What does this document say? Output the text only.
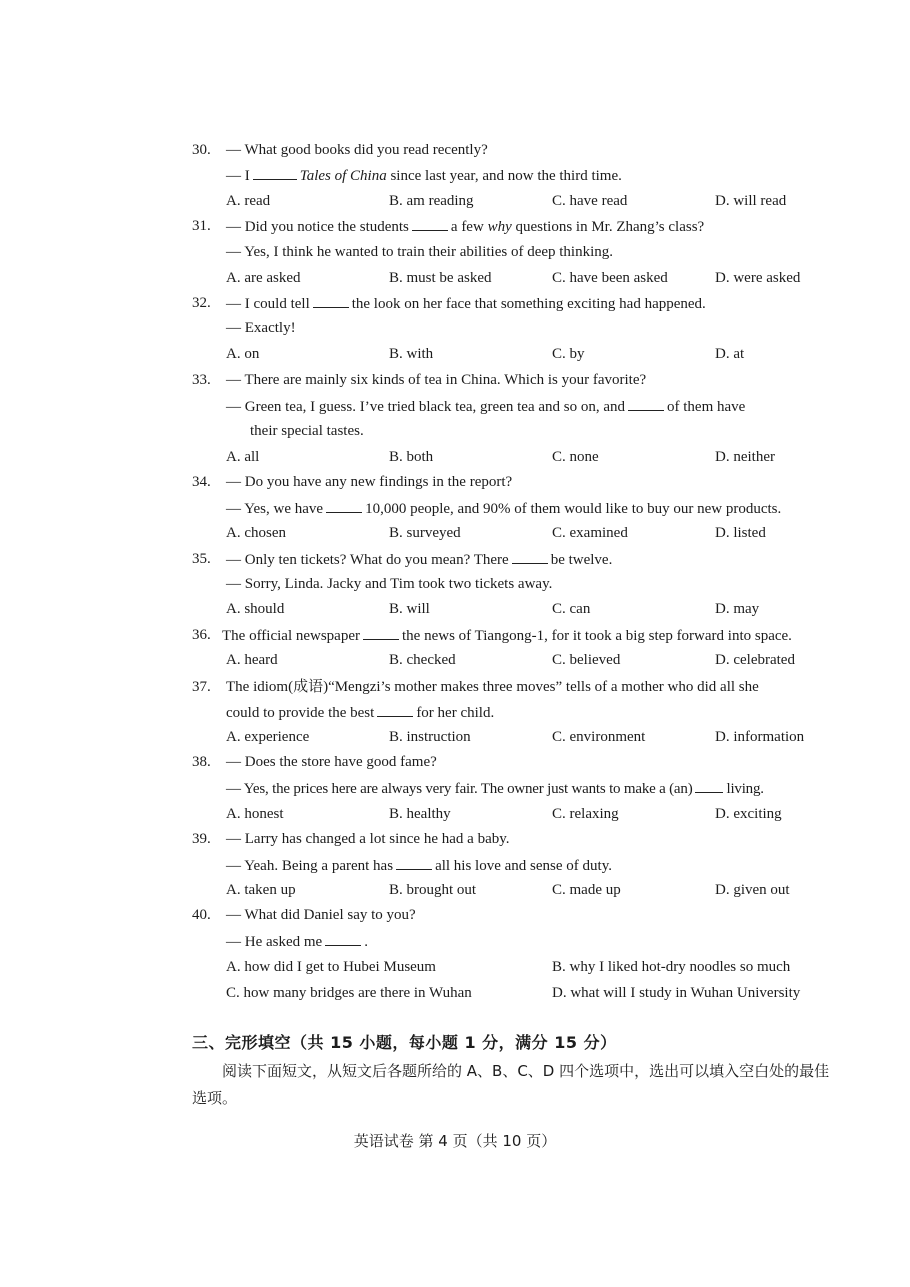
30.	— What good books did you read recently?
— I	Tales of China since last year, and now the third time.
A. read	B. am reading	C. have read	D. will read
31.	— Did you notice the students	a few why questions in Mr. Zhang’s class?
— Yes, I think he wanted to train their abilities of deep thinking.
A. are asked	B. must be asked	C. have been asked	D. were asked
32.	— I could tell	the look on her face that something exciting had happened.
— Exactly!
A. on	B. with	C. by	D. at
33.	— There are mainly six kinds of tea in China. Which is your favorite?
— Green tea, I guess. I’ve tried black tea, green tea and so on, and	of them have
their special tastes.
A. all	B. both	C. none	D. neither
34.	— Do you have any new findings in the report?
— Yes, we have	10,000 people, and 90% of them would like to buy our new products.
A. chosen	B. surveyed	C. examined	D. listed
35.	— Only ten tickets? What do you mean? There	be twelve.
— Sorry, Linda. Jacky and Tim took two tickets away.
A. should	B. will	C. can	D. may
36. The official newspaper	the news of Tiangong-1, for it took a big step forward into space.
A. heard	B. checked	C. believed	D. celebrated
37.	The idiom(成语)“Mengzi’s mother makes three moves” tells of a mother who did all she
could to provide the best	for her child.
A. experience	B. instruction	C. environment	D. information
38.	— Does the store have good fame?
— Yes, the prices here are always very fair. The owner just wants to make a (an) living.
A. honest	B. healthy	C. relaxing	D. exciting
39.	— Larry has changed a lot since he had a baby.
— Yeah. Being a parent has	all his love and sense of duty.
A. taken up	B. brought out	C. made up	D. given out
40.	— What did Daniel say to you?
— He asked me	.
A. how did I get to Hubei Museum	B. why I liked hot-dry noodles so much
C. how many bridges are there in Wuhan	D. what will I study in Wuhan University
三、完形填空（共 15 小题，每小题 1 分，满分 15 分）
阅读下面短文，从短文后各题所给的 A、B、C、D 四个选项中，选出可以填入空白处的最佳选项。
英语试卷 第 4 页（共 10 页）
